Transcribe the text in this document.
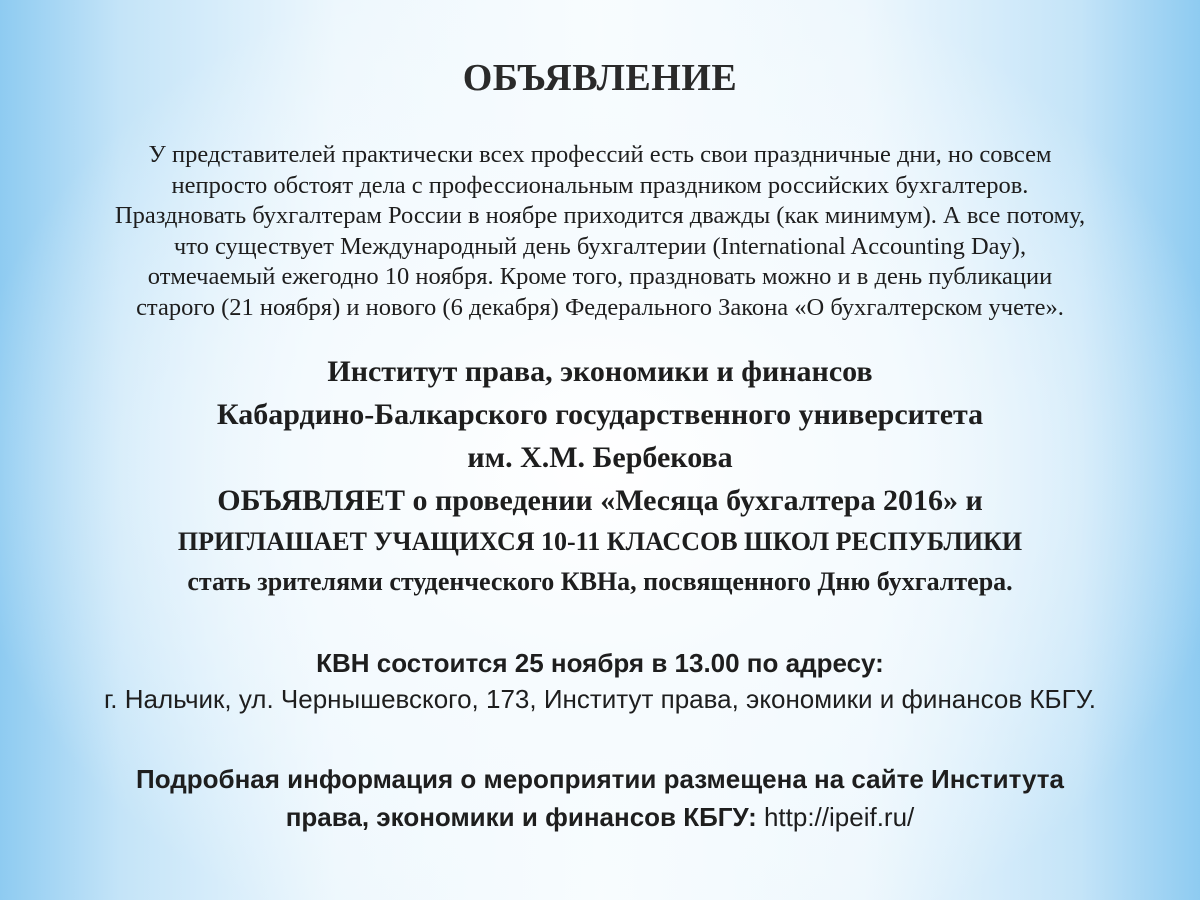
ОБЪЯВЛЕНИЕ
У представителей практически всех профессий есть свои праздничные дни, но совсем
непросто обстоят дела с профессиональным праздником российских бухгалтеров.
Праздновать бухгалтерам России в ноябре приходится дважды (как минимум). А все потому,
что существует Международный день бухгалтерии (International Accounting Day),
отмечаемый ежегодно 10 ноября. Кроме того, праздновать можно и в день публикации
старого (21 ноября) и нового (6 декабря) Федерального Закона «О бухгалтерском учете».
Институт права, экономики и финансов
Кабардино-Балкарского государственного университета
им. Х.М. Бербекова
ОБЪЯВЛЯЕТ о проведении «Месяца бухгалтера 2016» и
ПРИГЛАШАЕТ УЧАЩИХСЯ 10-11 КЛАССОВ ШКОЛ РЕСПУБЛИКИ
стать зрителями студенческого КВНа, посвященного Дню бухгалтера.
КВН состоится 25 ноября в 13.00 по адресу:
г. Нальчик, ул. Чернышевского, 173, Институт права, экономики и финансов КБГУ.
Подробная информация о мероприятии размещена на сайте Института
права, экономики и финансов КБГУ: http://ipeif.ru/
